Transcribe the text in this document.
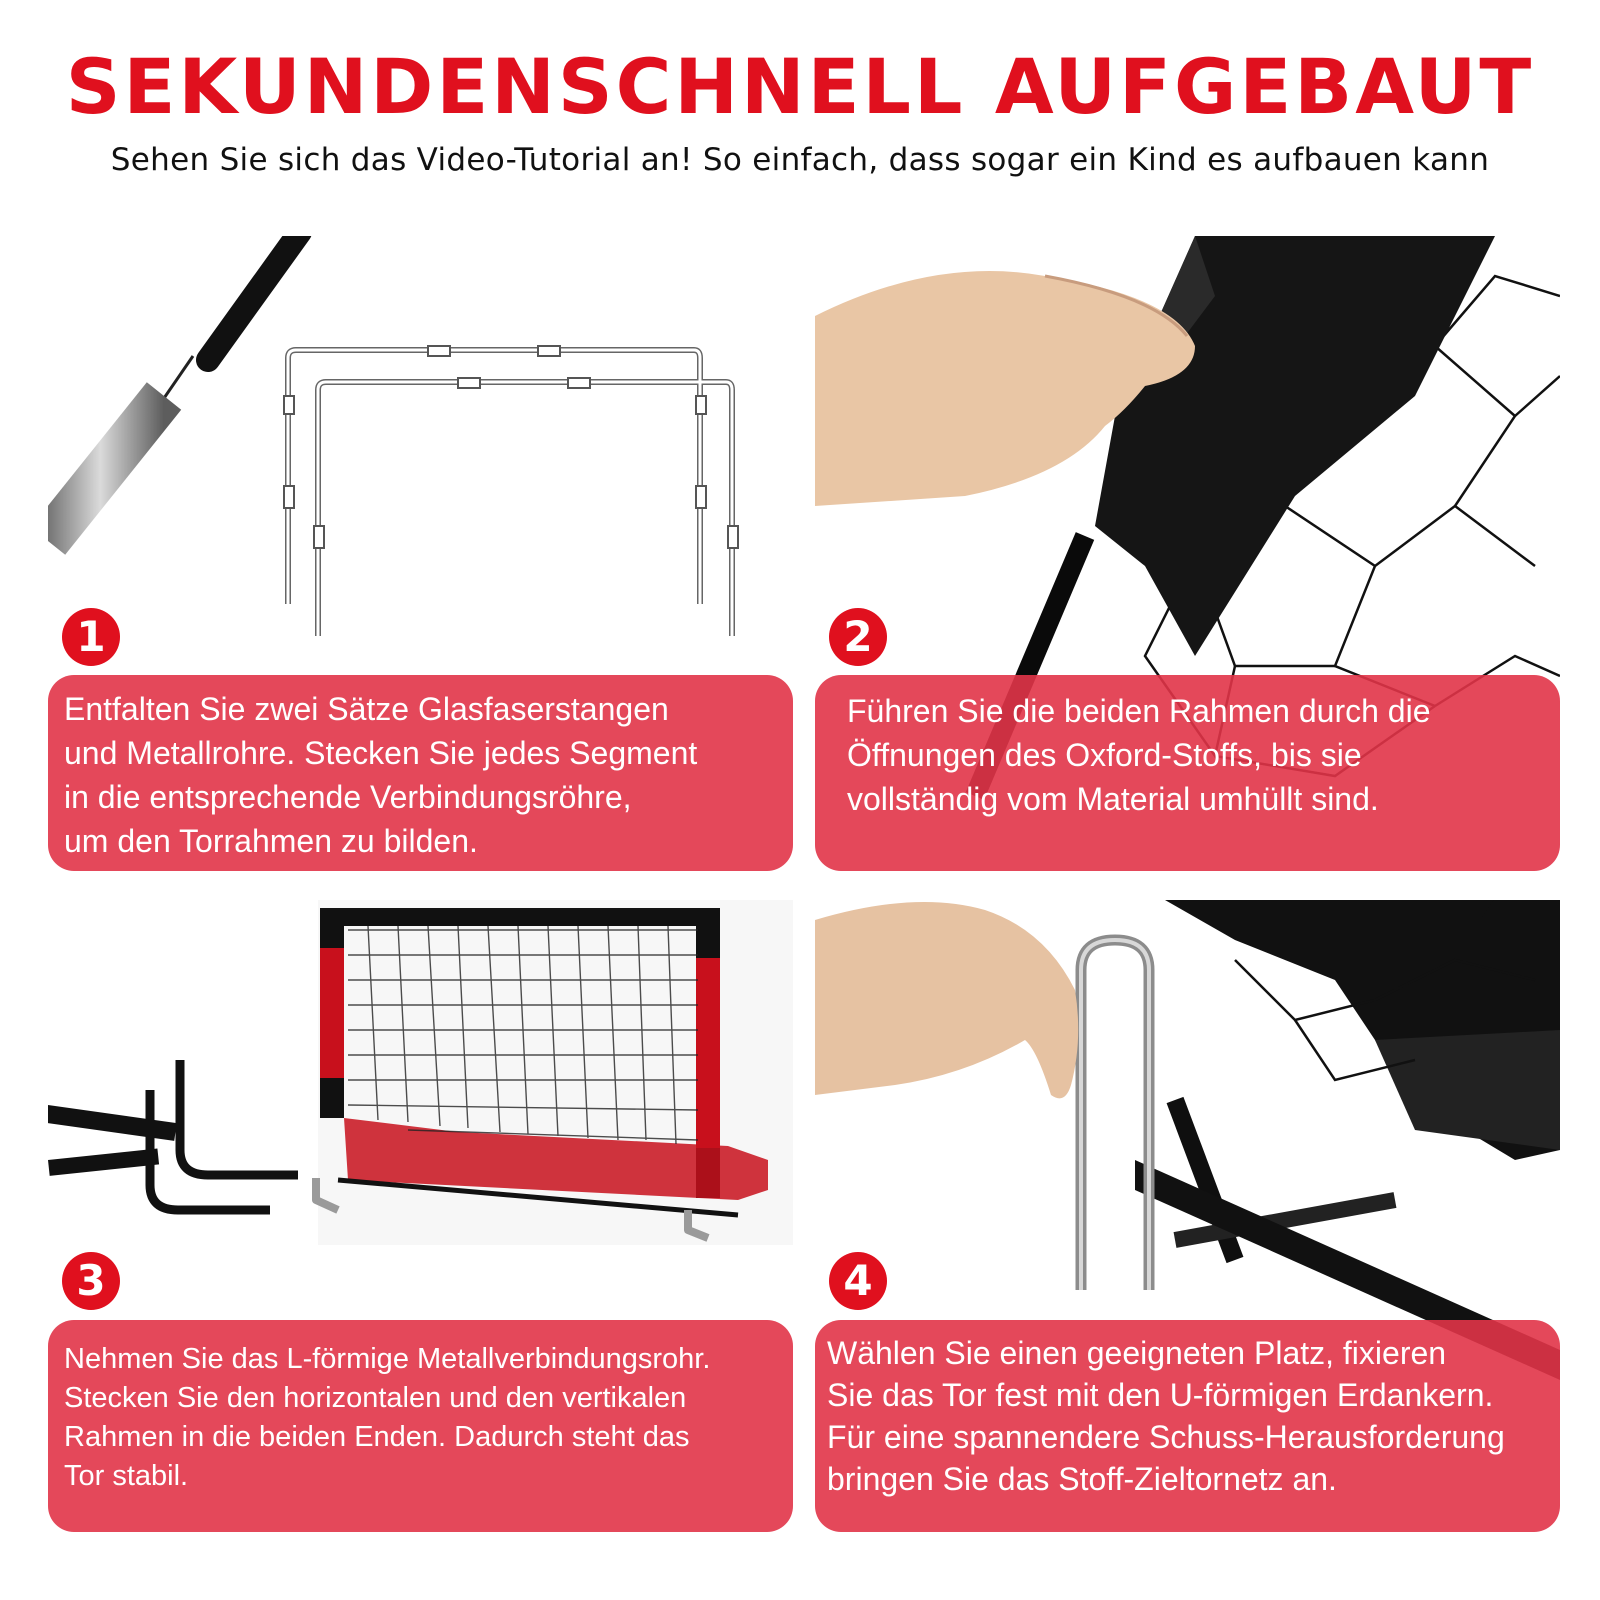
SEKUNDENSCHNELL AUFGEBAUT
Sehen Sie sich das Video-Tutorial an! So einfach, dass sogar ein Kind es aufbauen kann
1
Entfalten Sie zwei Sätze Glasfaserstangen
und Metallrohre. Stecken Sie jedes Segment
in die entsprechende Verbindungsröhre,
um den Torrahmen zu bilden.
2
Führen Sie die beiden Rahmen durch die
Öffnungen des Oxford-Stoffs, bis sie
vollständig vom Material umhüllt sind.
3
Nehmen Sie das L-förmige Metallverbindungsrohr.
Stecken Sie den horizontalen und den vertikalen
Rahmen in die beiden Enden. Dadurch steht das
Tor stabil.
4
Wählen Sie einen geeigneten Platz, fixieren
Sie das Tor fest mit den U-förmigen Erdankern.
Für eine spannendere Schuss-Herausforderung
bringen Sie das Stoff-Zieltornetz an.
